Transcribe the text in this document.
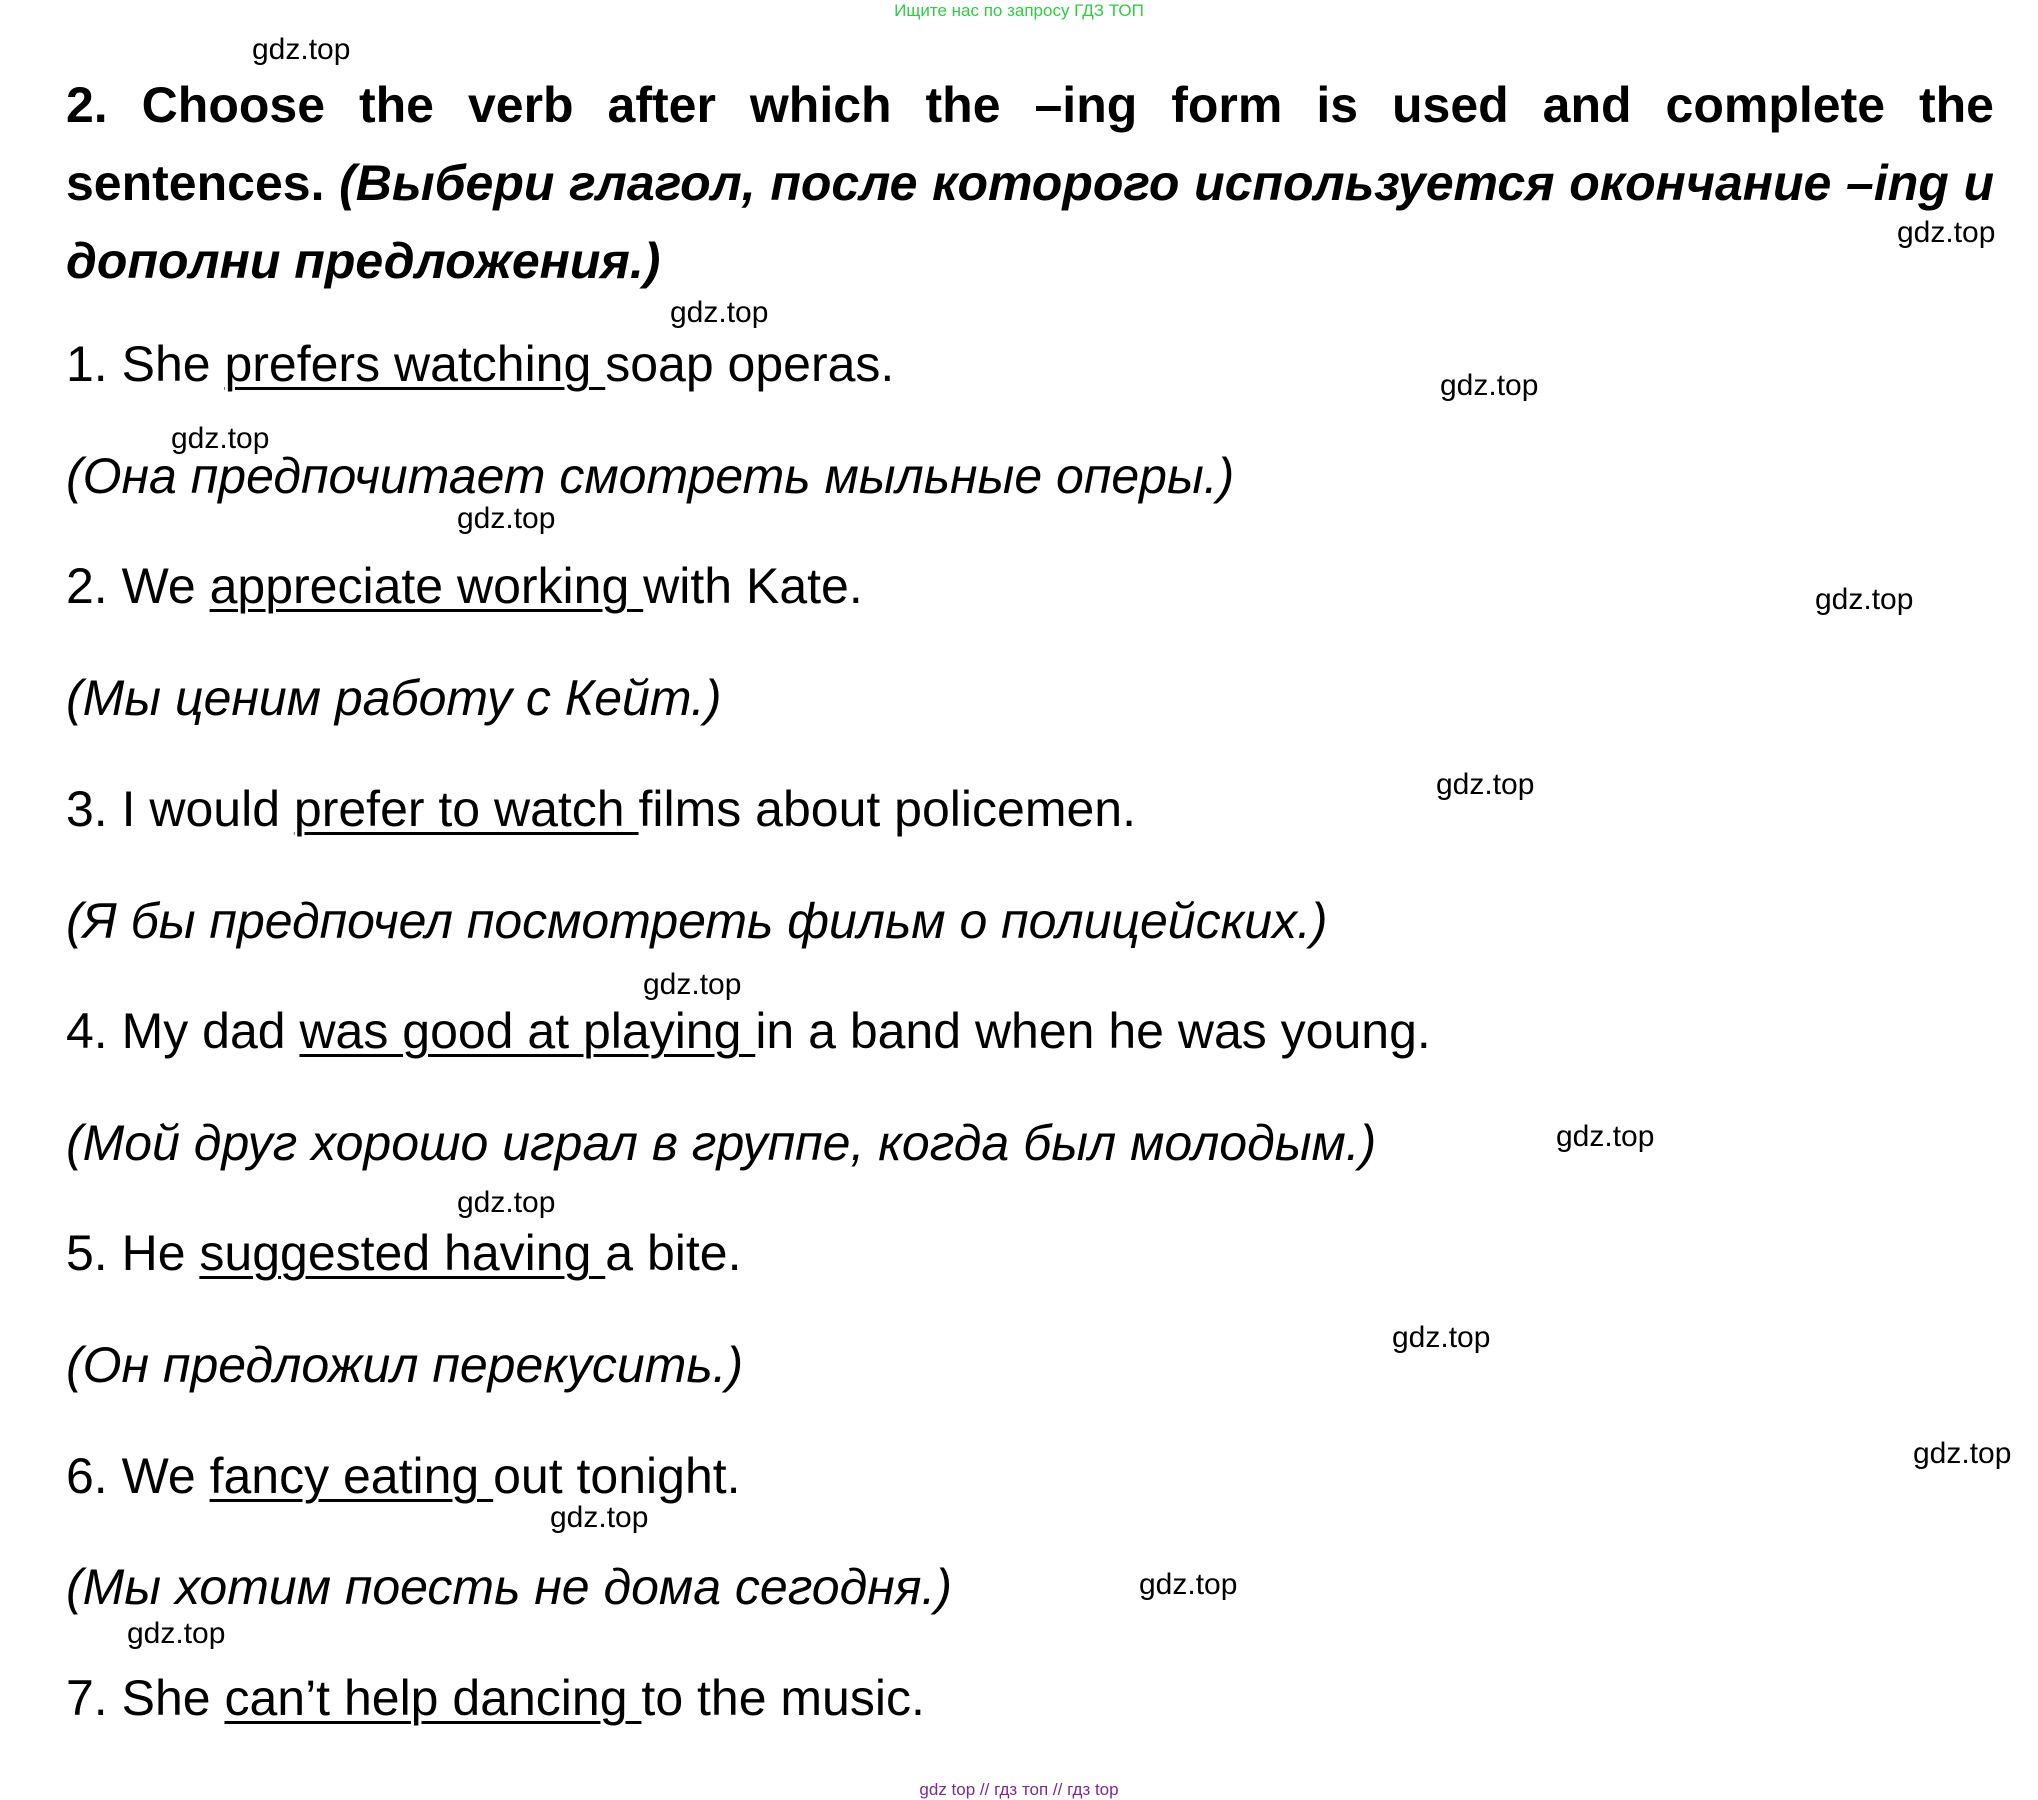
Ищите нас по запросу ГДЗ ТОП
2. Choose the verb after which the –ing form is used and complete the sentences. (Выбери глагол, после которого используется окончание –ing и дополни предложения.)
1. She prefers watching soap operas.
(Она предпочитает смотреть мыльные оперы.)
2. We appreciate working with Kate.
(Мы ценим работу с Кейт.)
3. I would prefer to watch films about policemen.
(Я бы предпочел посмотреть фильм о полицейских.)
4. My dad was good at playing in a band when he was young.
(Мой друг хорошо играл в группе, когда был молодым.)
5. He suggested having a bite.
(Он предложил перекусить.)
6. We fancy eating out tonight.
(Мы хотим поесть не дома сегодня.)
7. She can’t help dancing to the music.
gdz.top
gdz.top
gdz.top
gdz.top
gdz.top
gdz.top
gdz.top
gdz.top
gdz.top
gdz.top
gdz.top
gdz.top
gdz.top
gdz.top
gdz.top
gdz.top
gdz top // гдз топ // гдз top
